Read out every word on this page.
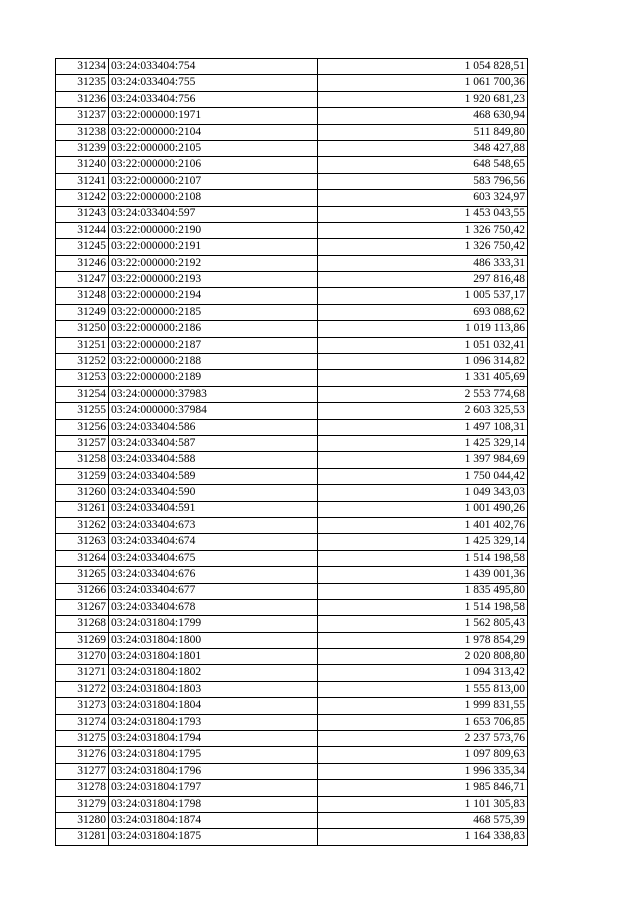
31234	03:24:033404:754	1 054 828,51
31235	03:24:033404:755	1 061 700,36
31236	03:24:033404:756	1 920 681,23
31237	03:22:000000:1971	468 630,94
31238	03:22:000000:2104	511 849,80
31239	03:22:000000:2105	348 427,88
31240	03:22:000000:2106	648 548,65
31241	03:22:000000:2107	583 796,56
31242	03:22:000000:2108	603 324,97
31243	03:24:033404:597	1 453 043,55
31244	03:22:000000:2190	1 326 750,42
31245	03:22:000000:2191	1 326 750,42
31246	03:22:000000:2192	486 333,31
31247	03:22:000000:2193	297 816,48
31248	03:22:000000:2194	1 005 537,17
31249	03:22:000000:2185	693 088,62
31250	03:22:000000:2186	1 019 113,86
31251	03:22:000000:2187	1 051 032,41
31252	03:22:000000:2188	1 096 314,82
31253	03:22:000000:2189	1 331 405,69
31254	03:24:000000:37983	2 553 774,68
31255	03:24:000000:37984	2 603 325,53
31256	03:24:033404:586	1 497 108,31
31257	03:24:033404:587	1 425 329,14
31258	03:24:033404:588	1 397 984,69
31259	03:24:033404:589	1 750 044,42
31260	03:24:033404:590	1 049 343,03
31261	03:24:033404:591	1 001 490,26
31262	03:24:033404:673	1 401 402,76
31263	03:24:033404:674	1 425 329,14
31264	03:24:033404:675	1 514 198,58
31265	03:24:033404:676	1 439 001,36
31266	03:24:033404:677	1 835 495,80
31267	03:24:033404:678	1 514 198,58
31268	03:24:031804:1799	1 562 805,43
31269	03:24:031804:1800	1 978 854,29
31270	03:24:031804:1801	2 020 808,80
31271	03:24:031804:1802	1 094 313,42
31272	03:24:031804:1803	1 555 813,00
31273	03:24:031804:1804	1 999 831,55
31274	03:24:031804:1793	1 653 706,85
31275	03:24:031804:1794	2 237 573,76
31276	03:24:031804:1795	1 097 809,63
31277	03:24:031804:1796	1 996 335,34
31278	03:24:031804:1797	1 985 846,71
31279	03:24:031804:1798	1 101 305,83
31280	03:24:031804:1874	468 575,39
31281	03:24:031804:1875	1 164 338,83
